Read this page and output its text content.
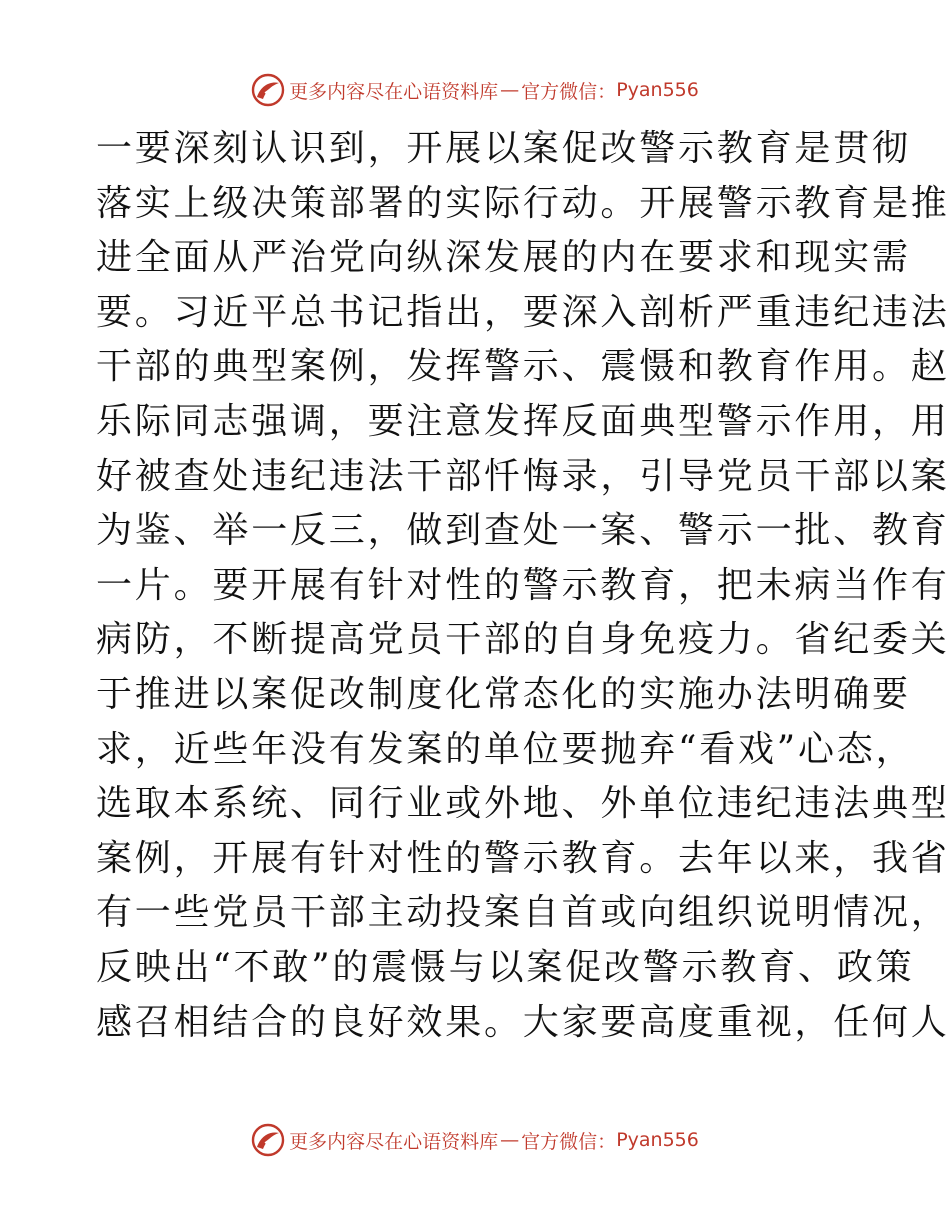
更多内容尽在心语资料库 — 官方微信： Pyan556
一要深刻认识到，开展以案促改警示教育是贯彻
落实上级决策部署的实际行动。开展警示教育是推
进全面从严治党向纵深发展的内在要求和现实需
要。习近平总书记指出，要深入剖析严重违纪违法
干部的典型案例，发挥警示、震慑和教育作用。赵
乐际同志强调，要注意发挥反面典型警示作用，用
好被查处违纪违法干部忏悔录，引导党员干部以案
为鉴、举一反三，做到查处一案、警示一批、教育
一片。要开展有针对性的警示教育，把未病当作有
病防，不断提高党员干部的自身免疫力。省纪委关
于推进以案促改制度化常态化的实施办法明确要
求，近些年没有发案的单位要抛弃“看戏”心态，
选取本系统、同行业或外地、外单位违纪违法典型
案例，开展有针对性的警示教育。去年以来，我省
有一些党员干部主动投案自首或向组织说明情况，
反映出“不敢”的震慑与以案促改警示教育、政策
感召相结合的良好效果。大家要高度重视，任何人
更多内容尽在心语资料库 — 官方微信： Pyan556
